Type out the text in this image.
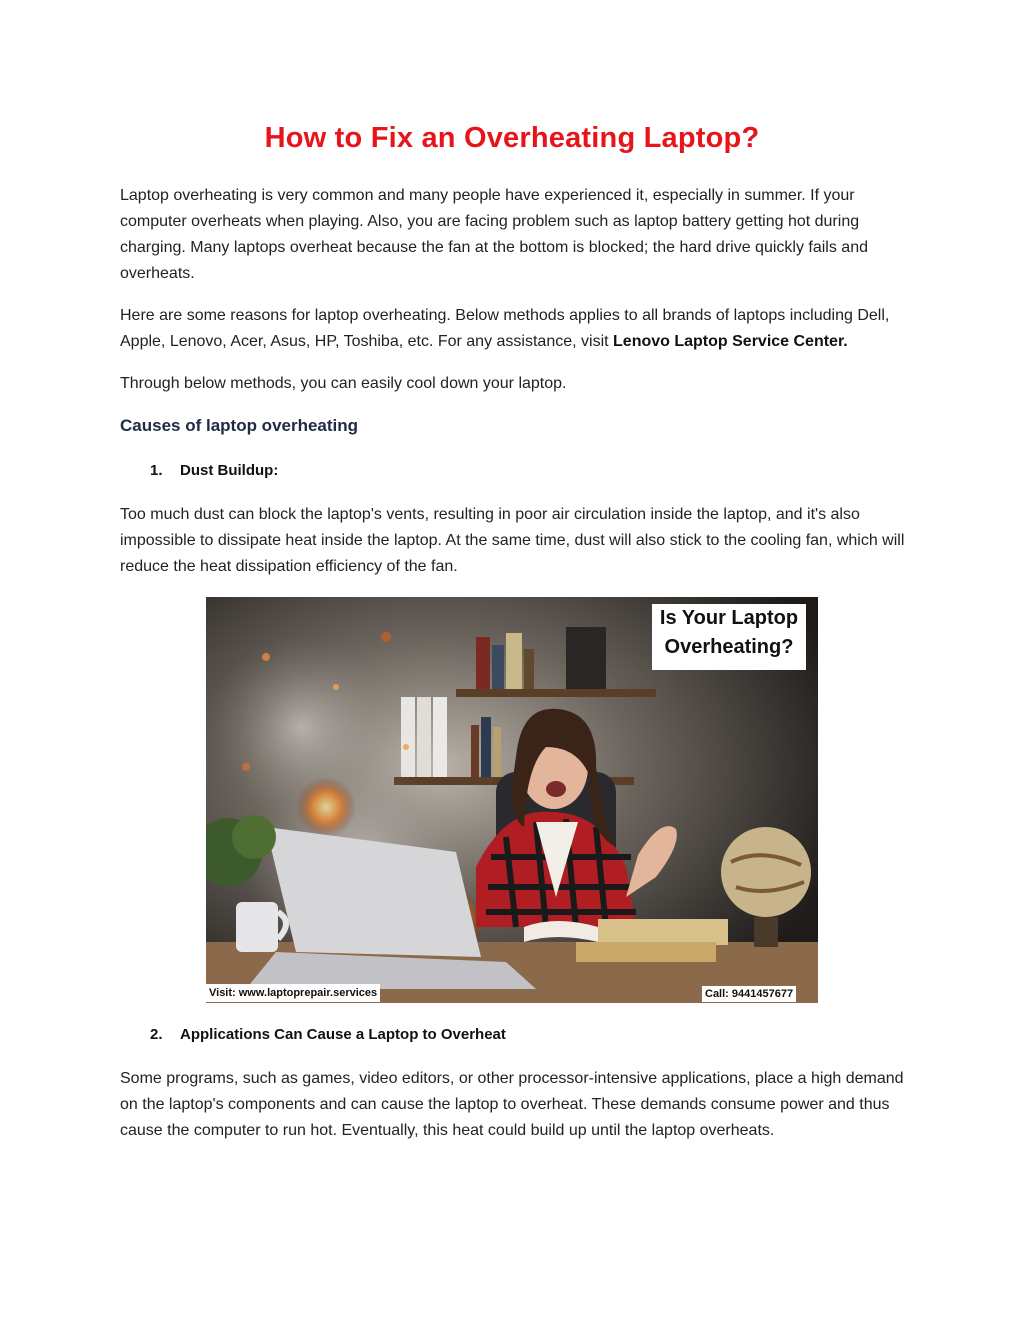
How to Fix an Overheating Laptop?

Laptop overheating is very common and many people have experienced it, especially in summer. If your computer overheats when playing. Also, you are facing problem such as laptop battery getting hot during charging. Many laptops overheat because the fan at the bottom is blocked; the hard drive quickly fails and overheats.

Here are some reasons for laptop overheating. Below methods applies to all brands of laptops including Dell, Apple, Lenovo, Acer, Asus, HP, Toshiba, etc. For any assistance, visit Lenovo Laptop Service Center.

Through below methods, you can easily cool down your laptop.

Causes of laptop overheating

1. Dust Buildup:

Too much dust can block the laptop's vents, resulting in poor air circulation inside the laptop, and it's also impossible to dissipate heat inside the laptop. At the same time, dust will also stick to the cooling fan, which will reduce the heat dissipation efficiency of the fan.

Is Your Laptop
Overheating?
Visit: www.laptoprepair.services	Call: 9441457677

2. Applications Can Cause a Laptop to Overheat

Some programs, such as games, video editors, or other processor-intensive applications, place a high demand on the laptop's components and can cause the laptop to overheat. These demands consume power and thus cause the computer to run hot. Eventually, this heat could build up until the laptop overheats.
